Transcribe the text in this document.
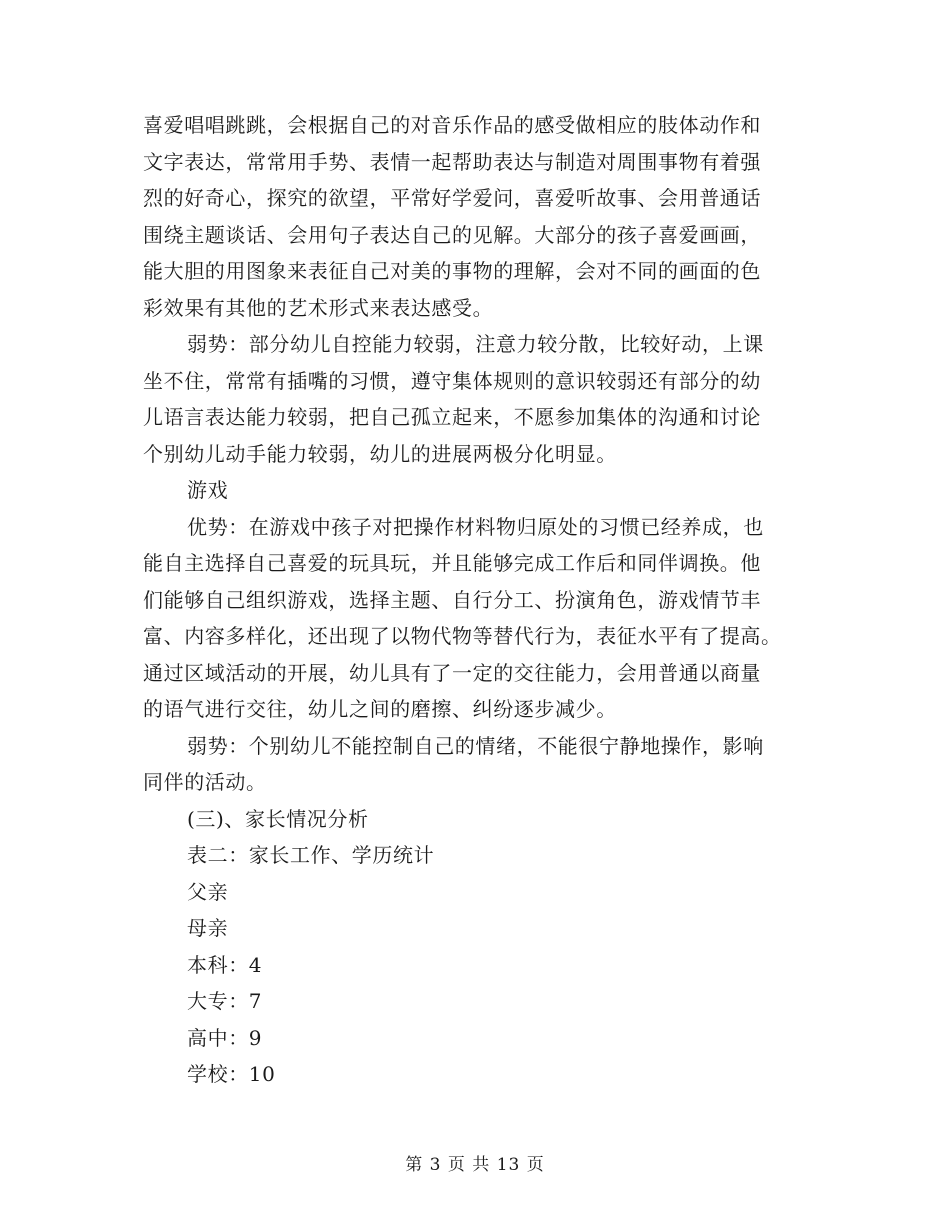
喜爱唱唱跳跳，会根据自己的对音乐作品的感受做相应的肢体动作和
文字表达，常常用手势、表情一起帮助表达与制造对周围事物有着强
烈的好奇心，探究的欲望，平常好学爱问，喜爱听故事、会用普通话
围绕主题谈话、会用句子表达自己的见解。大部分的孩子喜爱画画，
能大胆的用图象来表征自己对美的事物的理解，会对不同的画面的色
彩效果有其他的艺术形式来表达感受。
弱势：部分幼儿自控能力较弱，注意力较分散，比较好动，上课
坐不住，常常有插嘴的习惯，遵守集体规则的意识较弱还有部分的幼
儿语言表达能力较弱，把自己孤立起来，不愿参加集体的沟通和讨论
个别幼儿动手能力较弱，幼儿的进展两极分化明显。
游戏
优势：在游戏中孩子对把操作材料物归原处的习惯已经养成，也
能自主选择自己喜爱的玩具玩，并且能够完成工作后和同伴调换。他
们能够自己组织游戏，选择主题、自行分工、扮演角色，游戏情节丰
富、内容多样化，还出现了以物代物等替代行为，表征水平有了提高。
通过区域活动的开展，幼儿具有了一定的交往能力，会用普通以商量
的语气进行交往，幼儿之间的磨擦、纠纷逐步减少。
弱势：个别幼儿不能控制自己的情绪，不能很宁静地操作，影响
同伴的活动。
(三)、家长情况分析
表二：家长工作、学历统计
父亲
母亲
本科：4
大专：7
高中：9
学校：10
第 3 页 共 13 页
